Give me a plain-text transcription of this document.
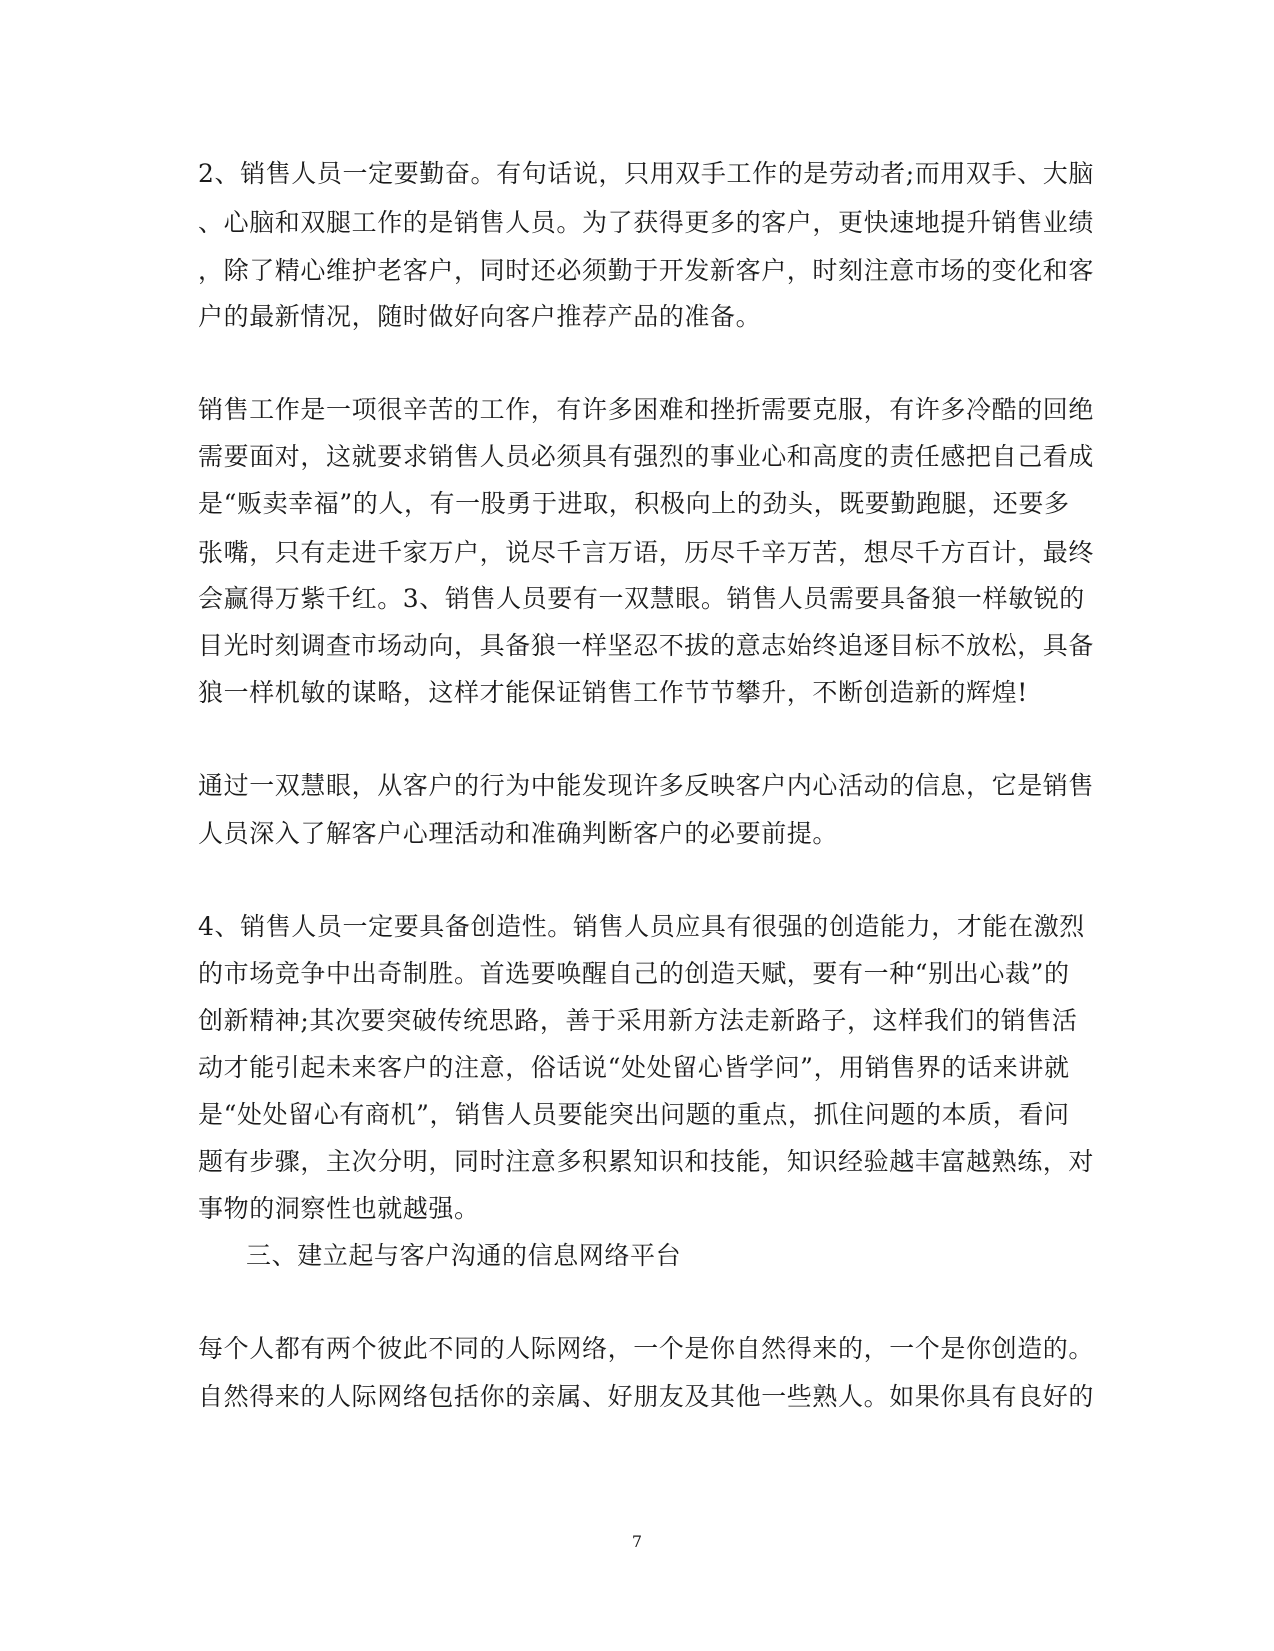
2、销售人员一定要勤奋。有句话说，只用双手工作的是劳动者;而用双手、大脑
、心脑和双腿工作的是销售人员。为了获得更多的客户，更快速地提升销售业绩
，除了精心维护老客户，同时还必须勤于开发新客户，时刻注意市场的变化和客
户的最新情况，随时做好向客户推荐产品的准备。
销售工作是一项很辛苦的工作，有许多困难和挫折需要克服，有许多冷酷的回绝
需要面对，这就要求销售人员必须具有强烈的事业心和高度的责任感把自己看成
是“贩卖幸福”的人，有一股勇于进取，积极向上的劲头，既要勤跑腿，还要多
张嘴，只有走进千家万户，说尽千言万语，历尽千辛万苦，想尽千方百计，最终
会赢得万紫千红。3、销售人员要有一双慧眼。销售人员需要具备狼一样敏锐的
目光时刻调查市场动向，具备狼一样坚忍不拔的意志始终追逐目标不放松，具备
狼一样机敏的谋略，这样才能保证销售工作节节攀升，不断创造新的辉煌!
通过一双慧眼，从客户的行为中能发现许多反映客户内心活动的信息，它是销售
人员深入了解客户心理活动和准确判断客户的必要前提。
4、销售人员一定要具备创造性。销售人员应具有很强的创造能力，才能在激烈
的市场竞争中出奇制胜。首选要唤醒自己的创造天赋，要有一种“别出心裁”的
创新精神;其次要突破传统思路，善于采用新方法走新路子，这样我们的销售活
动才能引起未来客户的注意，俗话说“处处留心皆学问”，用销售界的话来讲就
是“处处留心有商机”，销售人员要能突出问题的重点，抓住问题的本质，看问
题有步骤，主次分明，同时注意多积累知识和技能，知识经验越丰富越熟练，对
事物的洞察性也就越强。
三、建立起与客户沟通的信息网络平台
每个人都有两个彼此不同的人际网络，一个是你自然得来的，一个是你创造的。
自然得来的人际网络包括你的亲属、好朋友及其他一些熟人。如果你具有良好的
7
